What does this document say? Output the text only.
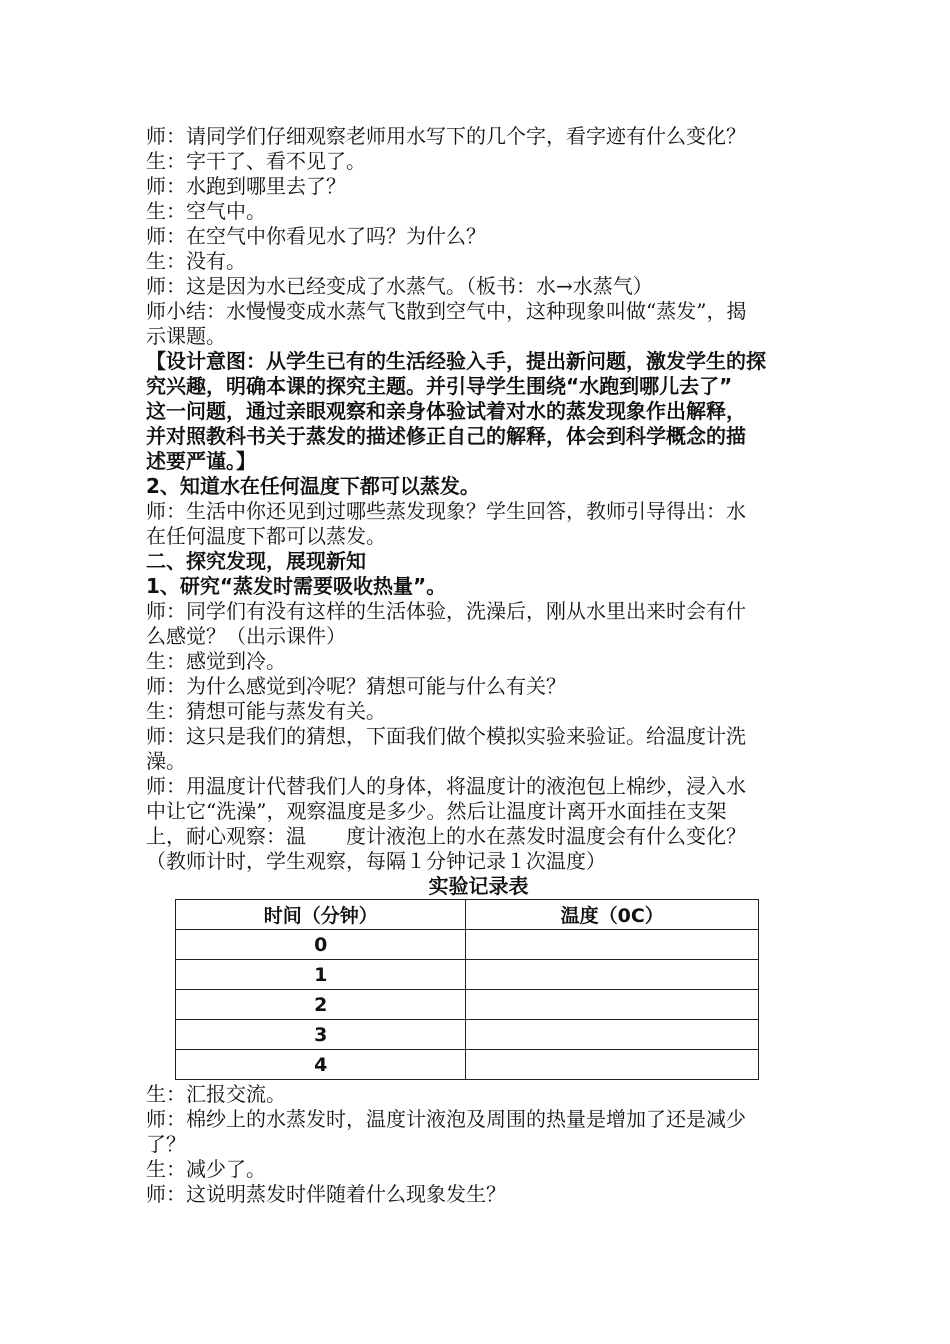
师：请同学们仔细观察老师用水写下的几个字，看字迹有什么变化？
生：字干了、看不见了。
师：水跑到哪里去了？
生：空气中。
师：在空气中你看见水了吗？为什么？
生：没有。
师：这是因为水已经变成了水蒸气。（板书：水→水蒸气）
师小结：水慢慢变成水蒸气飞散到空气中，这种现象叫做“蒸发”，揭
示课题。
【设计意图：从学生已有的生活经验入手，提出新问题，激发学生的探
究兴趣，明确本课的探究主题。并引导学生围绕“水跑到哪儿去了”
这一问题，通过亲眼观察和亲身体验试着对水的蒸发现象作出解释，
并对照教科书关于蒸发的描述修正自己的解释，体会到科学概念的描
述要严谨。】
2、知道水在任何温度下都可以蒸发。
师：生活中你还见到过哪些蒸发现象？学生回答，教师引导得出：水
在任何温度下都可以蒸发。
二、探究发现，展现新知
1、研究“蒸发时需要吸收热量”。
师：同学们有没有这样的生活体验，洗澡后，刚从水里出来时会有什
么感觉？（出示课件）
生：感觉到冷。
师：为什么感觉到冷呢？猜想可能与什么有关？
生：猜想可能与蒸发有关。
师：这只是我们的猜想，下面我们做个模拟实验来验证。给温度计洗
澡。
师：用温度计代替我们人的身体，将温度计的液泡包上棉纱，浸入水
中让它“洗澡”，观察温度是多少。然后让温度计离开水面挂在支架
上，耐心观察：温　　度计液泡上的水在蒸发时温度会有什么变化？
（教师计时，学生观察，每隔１分钟记录１次温度）
实验记录表
时间（分钟）	温度（0C）
0	
1	
2	
3	
4	
生：汇报交流。
师：棉纱上的水蒸发时，温度计液泡及周围的热量是增加了还是减少
了？
生：减少了。
师：这说明蒸发时伴随着什么现象发生？
